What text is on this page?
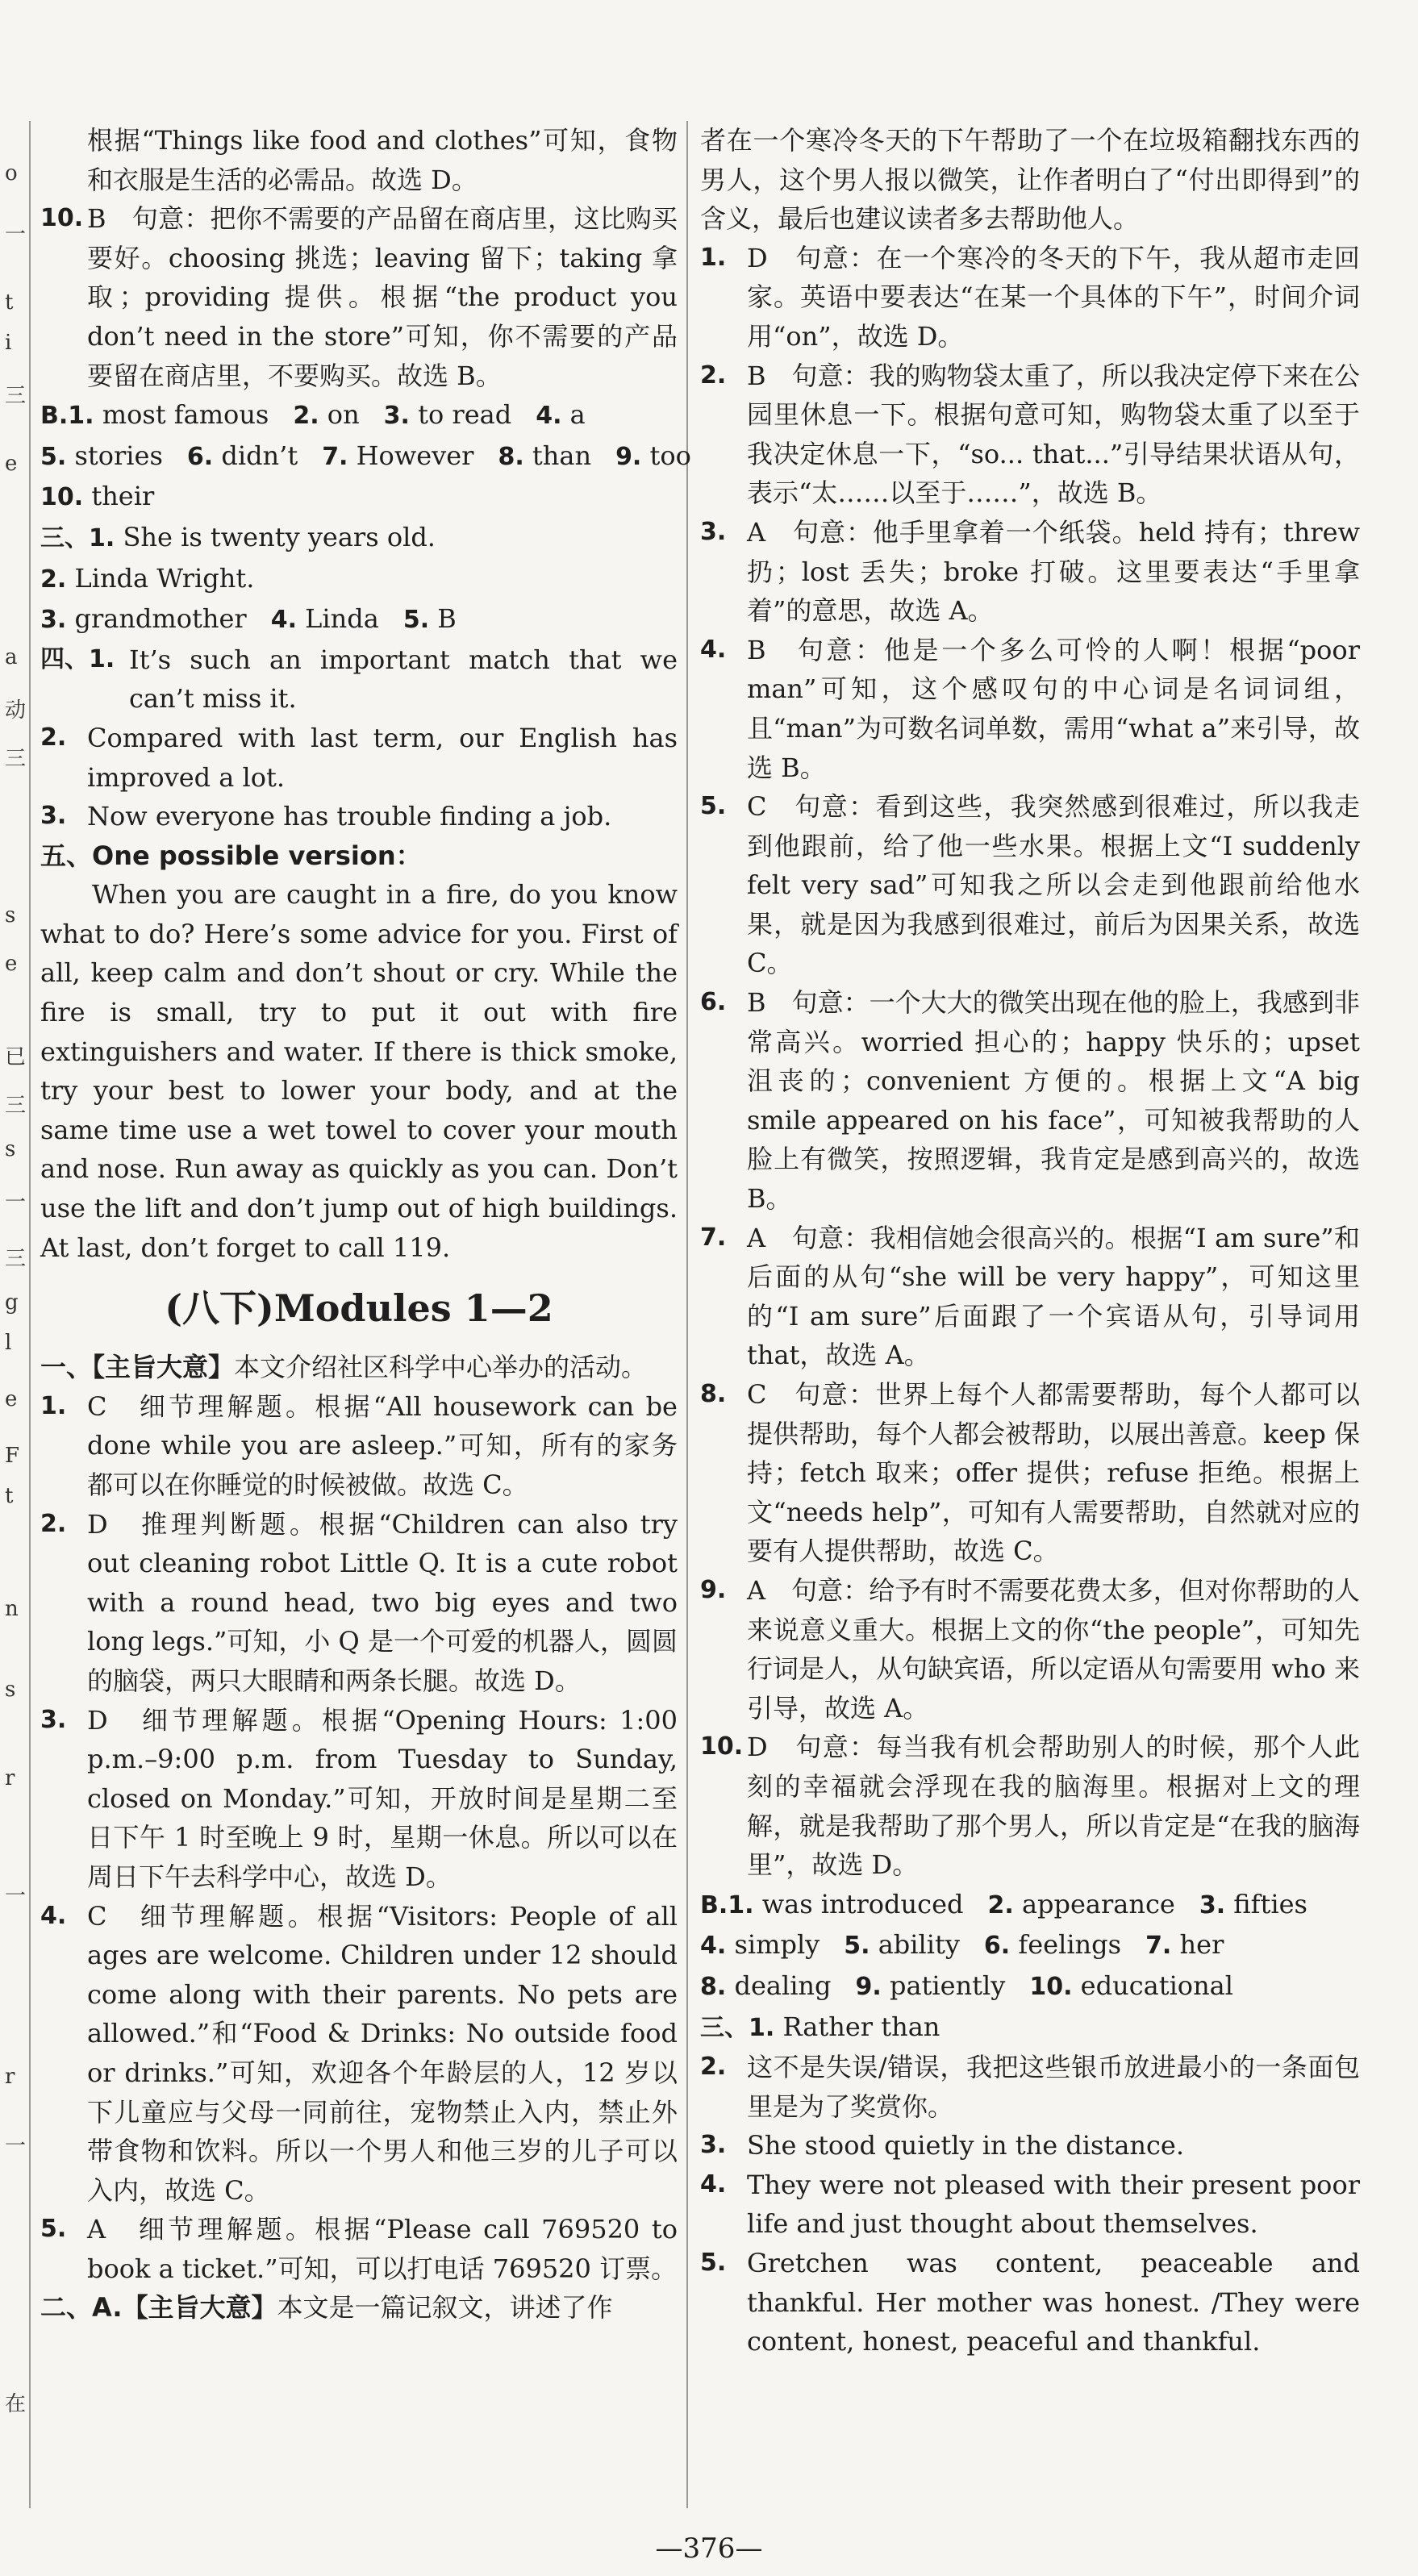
o
一
t
i
三
e
a
动
三
s
e
已
三
s
一
三
g
l
e
F
t
n
s
r
一
r
一
在

根据“Things like food and clothes”可知，食物和衣服是生活的必需品。故选 D。

10. B　句意：把你不需要的产品留在商店里，这比购买要好。choosing 挑选；leaving 留下；taking 拿取；providing 提供。根据“the product you don’t need in the store”可知，你不需要的产品要留在商店里，不要购买。故选 B。

B.1. most famous 2. on 3. to read 4. a

5. stories 6. didn’t 7. However 8. than 9. too

10. their

三、1. She is twenty years old.

2. Linda Wright.

3. grandmother 4. Linda 5. B

四、1. It’s such an important match that we can’t miss it.

2. Compared with last term, our English has improved a lot.

3. Now everyone has trouble finding a job.

五、One possible version：

When you are caught in a fire, do you know what to do? Here’s some advice for you. First of all, keep calm and don’t shout or cry. While the fire is small, try to put it out with fire extinguishers and water. If there is thick smoke, try your best to lower your body, and at the same time use a wet towel to cover your mouth and nose. Run away as quickly as you can. Don’t use the lift and don’t jump out of high buildings. At last, don’t forget to call 119.

(八下)Modules 1—2

一、【主旨大意】本文介绍社区科学中心举办的活动。

1. C　细节理解题。根据“All housework can be done while you are asleep.”可知，所有的家务都可以在你睡觉的时候被做。故选 C。

2. D　推理判断题。根据“Children can also try out cleaning robot Little Q. It is a cute robot with a round head, two big eyes and two long legs.”可知，小 Q 是一个可爱的机器人，圆圆的脑袋，两只大眼睛和两条长腿。故选 D。

3. D　细节理解题。根据“Opening Hours: 1:00 p.m.–9:00 p.m. from Tuesday to Sunday, closed on Monday.”可知，开放时间是星期二至日下午 1 时至晚上 9 时，星期一休息。所以可以在周日下午去科学中心，故选 D。

4. C　细节理解题。根据“Visitors: People of all ages are welcome. Children under 12 should come along with their parents. No pets are allowed.”和“Food & Drinks: No outside food or drinks.”可知，欢迎各个年龄层的人，12 岁以下儿童应与父母一同前往，宠物禁止入内，禁止外带食物和饮料。所以一个男人和他三岁的儿子可以入内，故选 C。

5. A　细节理解题。根据“Please call 769520 to book a ticket.”可知，可以打电话 769520 订票。

二、A.【主旨大意】本文是一篇记叙文，讲述了作

者在一个寒冷冬天的下午帮助了一个在垃圾箱翻找东西的男人，这个男人报以微笑，让作者明白了“付出即得到”的含义，最后也建议读者多去帮助他人。

1. D　句意：在一个寒冷的冬天的下午，我从超市走回家。英语中要表达“在某一个具体的下午”，时间介词用“on”，故选 D。

2. B　句意：我的购物袋太重了，所以我决定停下来在公园里休息一下。根据句意可知，购物袋太重了以至于我决定休息一下，“so... that...”引导结果状语从句，表示“太……以至于……”，故选 B。

3. A　句意：他手里拿着一个纸袋。held 持有；threw 扔；lost 丢失；broke 打破。这里要表达“手里拿着”的意思，故选 A。

4. B　句意：他是一个多么可怜的人啊！根据“poor man”可知，这个感叹句的中心词是名词词组，且“man”为可数名词单数，需用“what a”来引导，故选 B。

5. C　句意：看到这些，我突然感到很难过，所以我走到他跟前，给了他一些水果。根据上文“I suddenly felt very sad”可知我之所以会走到他跟前给他水果，就是因为我感到很难过，前后为因果关系，故选 C。

6. B　句意：一个大大的微笑出现在他的脸上，我感到非常高兴。worried 担心的；happy 快乐的；upset 沮丧的；convenient 方便的。根据上文“A big smile appeared on his face”，可知被我帮助的人脸上有微笑，按照逻辑，我肯定是感到高兴的，故选 B。

7. A　句意：我相信她会很高兴的。根据“I am sure”和后面的从句“she will be very happy”，可知这里的“I am sure”后面跟了一个宾语从句，引导词用 that，故选 A。

8. C　句意：世界上每个人都需要帮助，每个人都可以提供帮助，每个人都会被帮助，以展出善意。keep 保持；fetch 取来；offer 提供；refuse 拒绝。根据上文“needs help”，可知有人需要帮助，自然就对应的要有人提供帮助，故选 C。

9. A　句意：给予有时不需要花费太多，但对你帮助的人来说意义重大。根据上文的你“the people”，可知先行词是人，从句缺宾语，所以定语从句需要用 who 来引导，故选 A。

10. D　句意：每当我有机会帮助别人的时候，那个人此刻的幸福就会浮现在我的脑海里。根据对上文的理解，就是我帮助了那个男人，所以肯定是“在我的脑海里”，故选 D。

B.1. was introduced 2. appearance 3. fifties

4. simply 5. ability 6. feelings 7. her

8. dealing 9. patiently 10. educational

三、1. Rather than

2. 这不是失误/错误，我把这些银币放进最小的一条面包里是为了奖赏你。

3. She stood quietly in the distance.

4. They were not pleased with their present poor life and just thought about themselves.

5. Gretchen was content, peaceable and thankful. Her mother was honest. /They were content, honest, peaceful and thankful.

—376—
